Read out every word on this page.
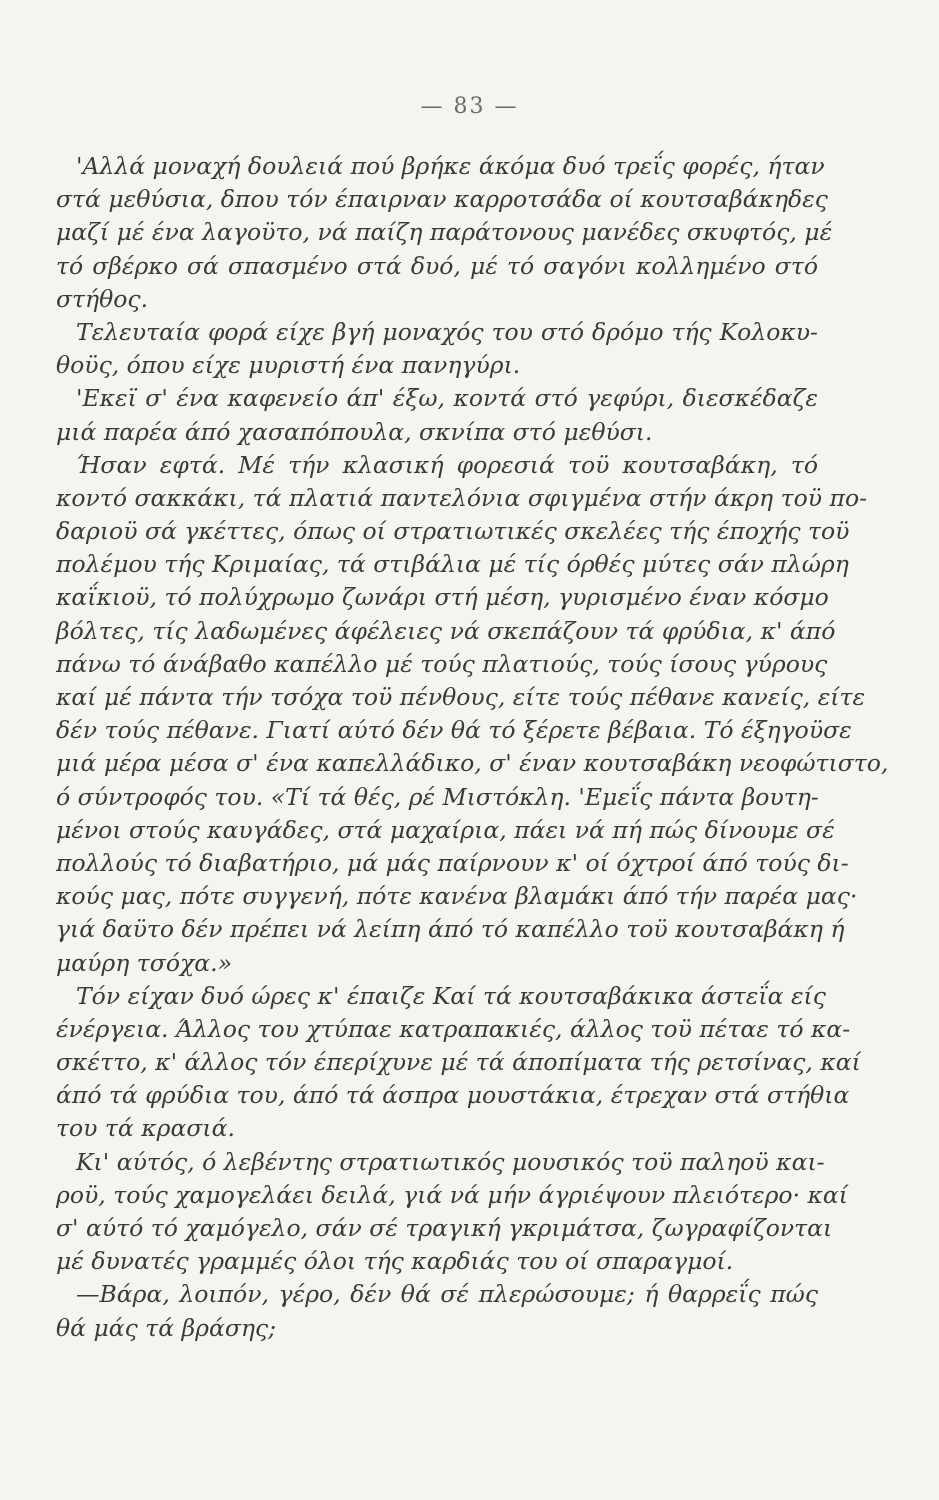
— 83 —
'Αλλά μοναχή δουλειά πού βρήκε άκόμα δυό τρεΐς φορές, ήταν
στά μεθύσια, δπου τόν έπαιρναν καρροτσάδα οί κουτσαβάκηδες
μαζί μέ ένα λαγοϋτο, νά παίζη παράτονους μανέδες σκυφτός, μέ
τό σβέρκο σά σπασμένο στά δυό, μέ τό σαγόνι κολλημένο στό
στήθος.
Τελευταία φορά είχε βγή μοναχός του στό δρόμο τής Κολοκυ-
θοϋς, όπου είχε μυριστή ένα πανηγύρι.
'Εκεϊ σ' ένα καφενείο άπ' έξω, κοντά στό γεφύρι, διεσκέδαζε
μιά παρέα άπό χασαπόπουλα, σκνίπα στό μεθύσι.
Ήσαν εφτά. Μέ τήν κλασική φορεσιά τοϋ κουτσαβάκη, τό
κοντό σακκάκι, τά πλατιά παντελόνια σφιγμένα στήν άκρη τοϋ πο-
δαριοϋ σά γκέττες, όπως οί στρατιωτικές σκελέες τής έποχής τοϋ
πολέμου τής Κριμαίας, τά στιβάλια μέ τίς όρθές μύτες σάν πλώρη
καΐκιοϋ, τό πολύχρωμο ζωνάρι στή μέση, γυρισμένο έναν κόσμο
βόλτες, τίς λαδωμένες άφέλειες νά σκεπάζουν τά φρύδια, κ' άπό
πάνω τό άνάβαθο καπέλλο μέ τούς πλατιούς, τούς ίσους γύρους
καί μέ πάντα τήν τσόχα τοϋ πένθους, είτε τούς πέθανε κανείς, είτε
δέν τούς πέθανε. Γιατί αύτό δέν θά τό ξέρετε βέβαια. Τό έξηγοϋσε
μιά μέρα μέσα σ' ένα καπελλάδικο, σ' έναν κουτσαβάκη νεοφώτιστο,
ό σύντροφός του. «Τί τά θές, ρέ Μιστόκλη. 'Εμεΐς πάντα βουτη-
μένοι στούς καυγάδες, στά μαχαίρια, πάει νά πή πώς δίνουμε σέ
πολλούς τό διαβατήριο, μά μάς παίρνουν κ' οί όχτροί άπό τούς δι-
κούς μας, πότε συγγενή, πότε κανένα βλαμάκι άπό τήν παρέα μας·
γιά δαϋτο δέν πρέπει νά λείπη άπό τό καπέλλο τοϋ κουτσαβάκη ή
μαύρη τσόχα.»
Τόν είχαν δυό ώρες κ' έπαιζε Καί τά κουτσαβάκικα άστεΐα είς
ένέργεια. Άλλος του χτύπαε κατραπακιές, άλλος τοϋ πέταε τό κα-
σκέττο, κ' άλλος τόν έπερίχυνε μέ τά άποπίματα τής ρετσίνας, καί
άπό τά φρύδια του, άπό τά άσπρα μουστάκια, έτρεχαν στά στήθια
του τά κρασιά.
Κι' αύτός, ό λεβέντης στρατιωτικός μουσικός τοϋ παληοϋ και-
ροϋ, τούς χαμογελάει δειλά, γιά νά μήν άγριέψουν πλειότερο· καί
σ' αύτό τό χαμόγελο, σάν σέ τραγική γκριμάτσα, ζωγραφίζονται
μέ δυνατές γραμμές όλοι τής καρδιάς του οί σπαραγμοί.
—Βάρα, λοιπόν, γέρο, δέν θά σέ πλερώσουμε; ή θαρρεΐς πώς
θά μάς τά βράσης;
